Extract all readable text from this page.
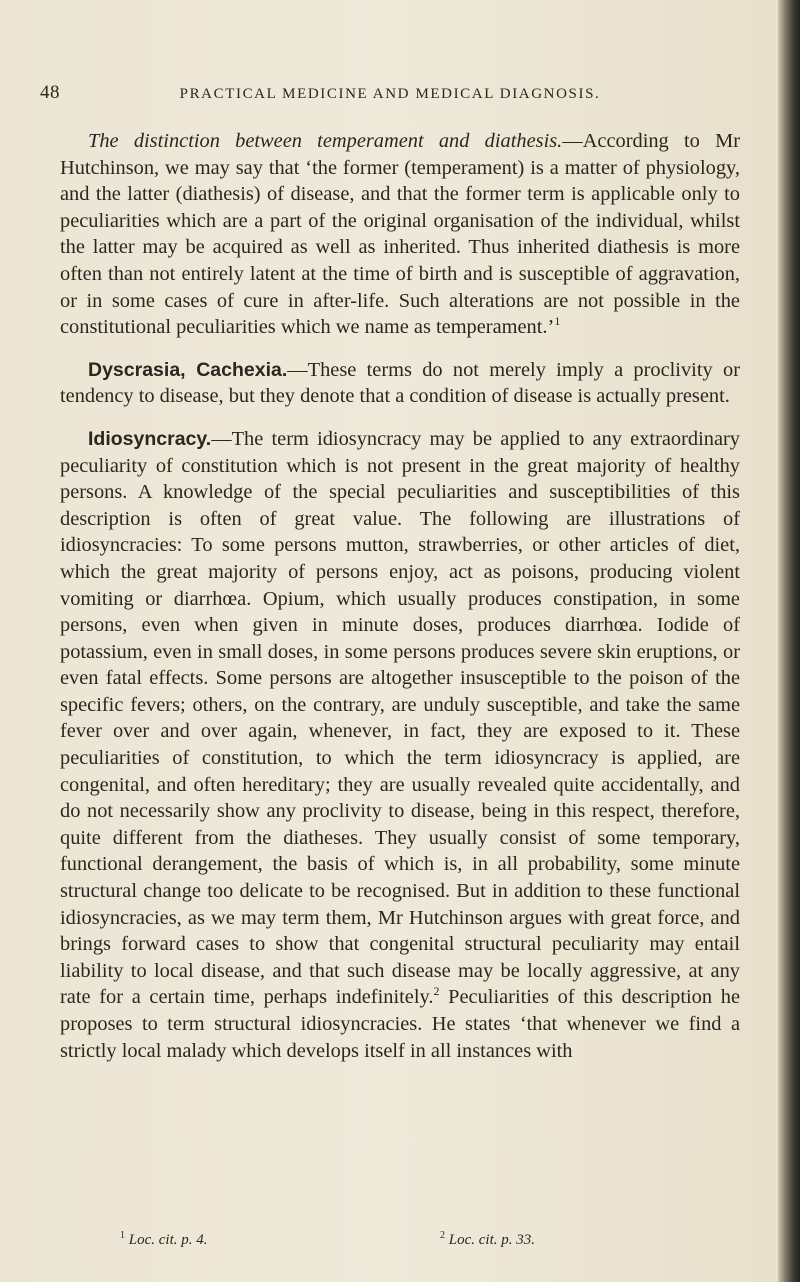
48	PRACTICAL MEDICINE AND MEDICAL DIAGNOSIS.

The distinction between temperament and diathesis.—According to Mr Hutchinson, we may say that ‘the former (temperament) is a matter of physiology, and the latter (diathesis) of disease, and that the former term is applicable only to peculiarities which are a part of the original organisation of the individual, whilst the latter may be acquired as well as inherited. Thus inherited diathesis is more often than not entirely latent at the time of birth and is susceptible of aggravation, or in some cases of cure in after-life. Such alterations are not possible in the constitutional peculiarities which we name as temperament.’$^1$

Dyscrasia, Cachexia.—These terms do not merely imply a proclivity or tendency to disease, but they denote that a condition of disease is actually present.

Idiosyncracy.—The term idiosyncracy may be applied to any extraordinary peculiarity of constitution which is not present in the great majority of healthy persons. A knowledge of the special peculiarities and susceptibilities of this description is often of great value. The following are illustrations of idiosyncracies: To some persons mutton, strawberries, or other articles of diet, which the great majority of persons enjoy, act as poisons, producing violent vomiting or diarrhœa. Opium, which usually produces constipation, in some persons, even when given in minute doses, produces diarrhœa. Iodide of potassium, even in small doses, in some persons produces severe skin eruptions, or even fatal effects. Some persons are altogether insusceptible to the poison of the specific fevers; others, on the contrary, are unduly susceptible, and take the same fever over and over again, whenever, in fact, they are exposed to it. These peculiarities of constitution, to which the term idiosyncracy is applied, are congenital, and often hereditary; they are usually revealed quite accidentally, and do not necessarily show any proclivity to disease, being in this respect, therefore, quite different from the diatheses. They usually consist of some temporary, functional derangement, the basis of which is, in all probability, some minute structural change too delicate to be recognised. But in addition to these functional idiosyncracies, as we may term them, Mr Hutchinson argues with great force, and brings forward cases to show that congenital structural peculiarity may entail liability to local disease, and that such disease may be locally aggressive, at any rate for a certain time, perhaps indefinitely.$^2$ Peculiarities of this description he proposes to term structural idiosyncracies. He states ‘that whenever we find a strictly local malady which develops itself in all instances with

$^1$ Loc. cit. p. 4.	$^2$ Loc. cit. p. 33.
